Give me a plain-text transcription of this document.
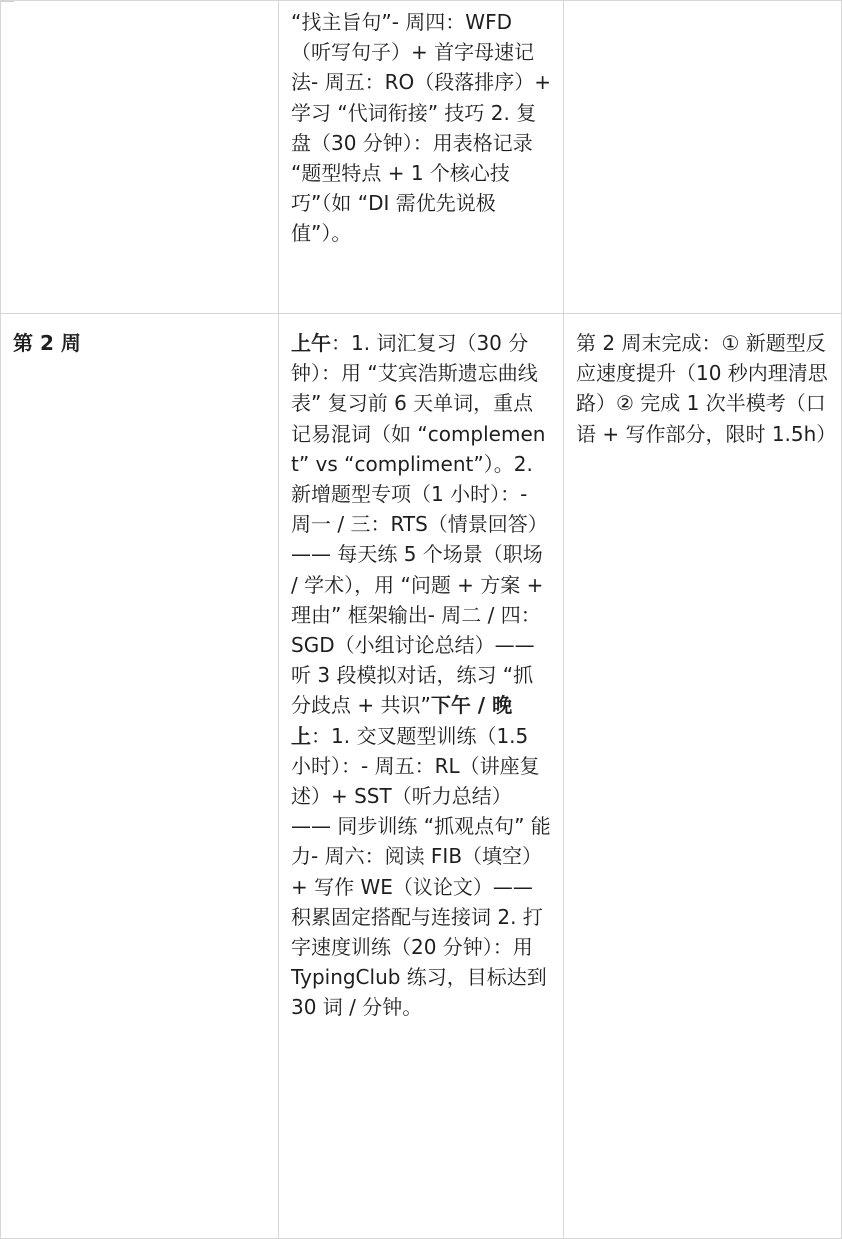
	“找主旨句”- 周四：WFD（听写句子）+ 首字母速记法- 周五：RO（段落排序）+ 学习 “代词衔接” 技巧 2. 复盘（30 分钟）：用表格记录 “题型特点 + 1 个核心技巧”（如 “DI 需优先说极值”）。	
第 2 周	上午：1. 词汇复习（30 分钟）：用 “艾宾浩斯遗忘曲线表” 复习前 6 天单词，重点记易混词（如 “complement” vs “compliment”）。2. 新增题型专项（1 小时）：- 周一 / 三：RTS（情景回答）—— 每天练 5 个场景（职场 / 学术），用 “问题 + 方案 + 理由” 框架输出- 周二 / 四：SGD（小组讨论总结）—— 听 3 段模拟对话，练习 “抓分歧点 + 共识”下午 / 晚上：1. 交叉题型训练（1.5 小时）：- 周五：RL（讲座复述）+ SST（听力总结）—— 同步训练 “抓观点句” 能力- 周六：阅读 FIB（填空）+ 写作 WE（议论文）—— 积累固定搭配与连接词 2. 打字速度训练（20 分钟）：用 TypingClub 练习，目标达到 30 词 / 分钟。	第 2 周末完成：① 新题型反应速度提升（10 秒内理清思路）② 完成 1 次半模考（口语 + 写作部分，限时 1.5h）
